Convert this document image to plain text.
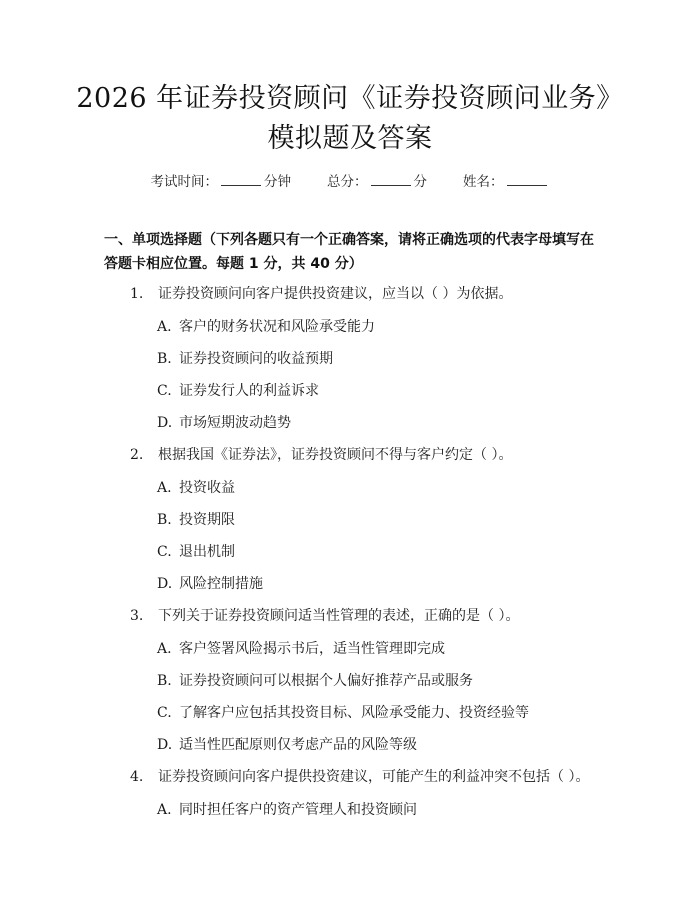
2026 年证券投资顾问《证券投资顾问业务》
模拟题及答案
考试时间：	分钟	总分：	分	姓名：
一、单项选择题（下列各题只有一个正确答案，请将正确选项的代表字母填写在答题卡相应位置。每题 1 分，共 40 分）
1. 证券投资顾问向客户提供投资建议，应当以（ ）为依据。
A. 客户的财务状况和风险承受能力
B. 证券投资顾问的收益预期
C. 证券发行人的利益诉求
D. 市场短期波动趋势
2. 根据我国《证券法》，证券投资顾问不得与客户约定（ ）。
A. 投资收益
B. 投资期限
C. 退出机制
D. 风险控制措施
3. 下列关于证券投资顾问适当性管理的表述，正确的是（ ）。
A. 客户签署风险揭示书后，适当性管理即完成
B. 证券投资顾问可以根据个人偏好推荐产品或服务
C. 了解客户应包括其投资目标、风险承受能力、投资经验等
D. 适当性匹配原则仅考虑产品的风险等级
4. 证券投资顾问向客户提供投资建议，可能产生的利益冲突不包括（ ）。
A. 同时担任客户的资产管理人和投资顾问
